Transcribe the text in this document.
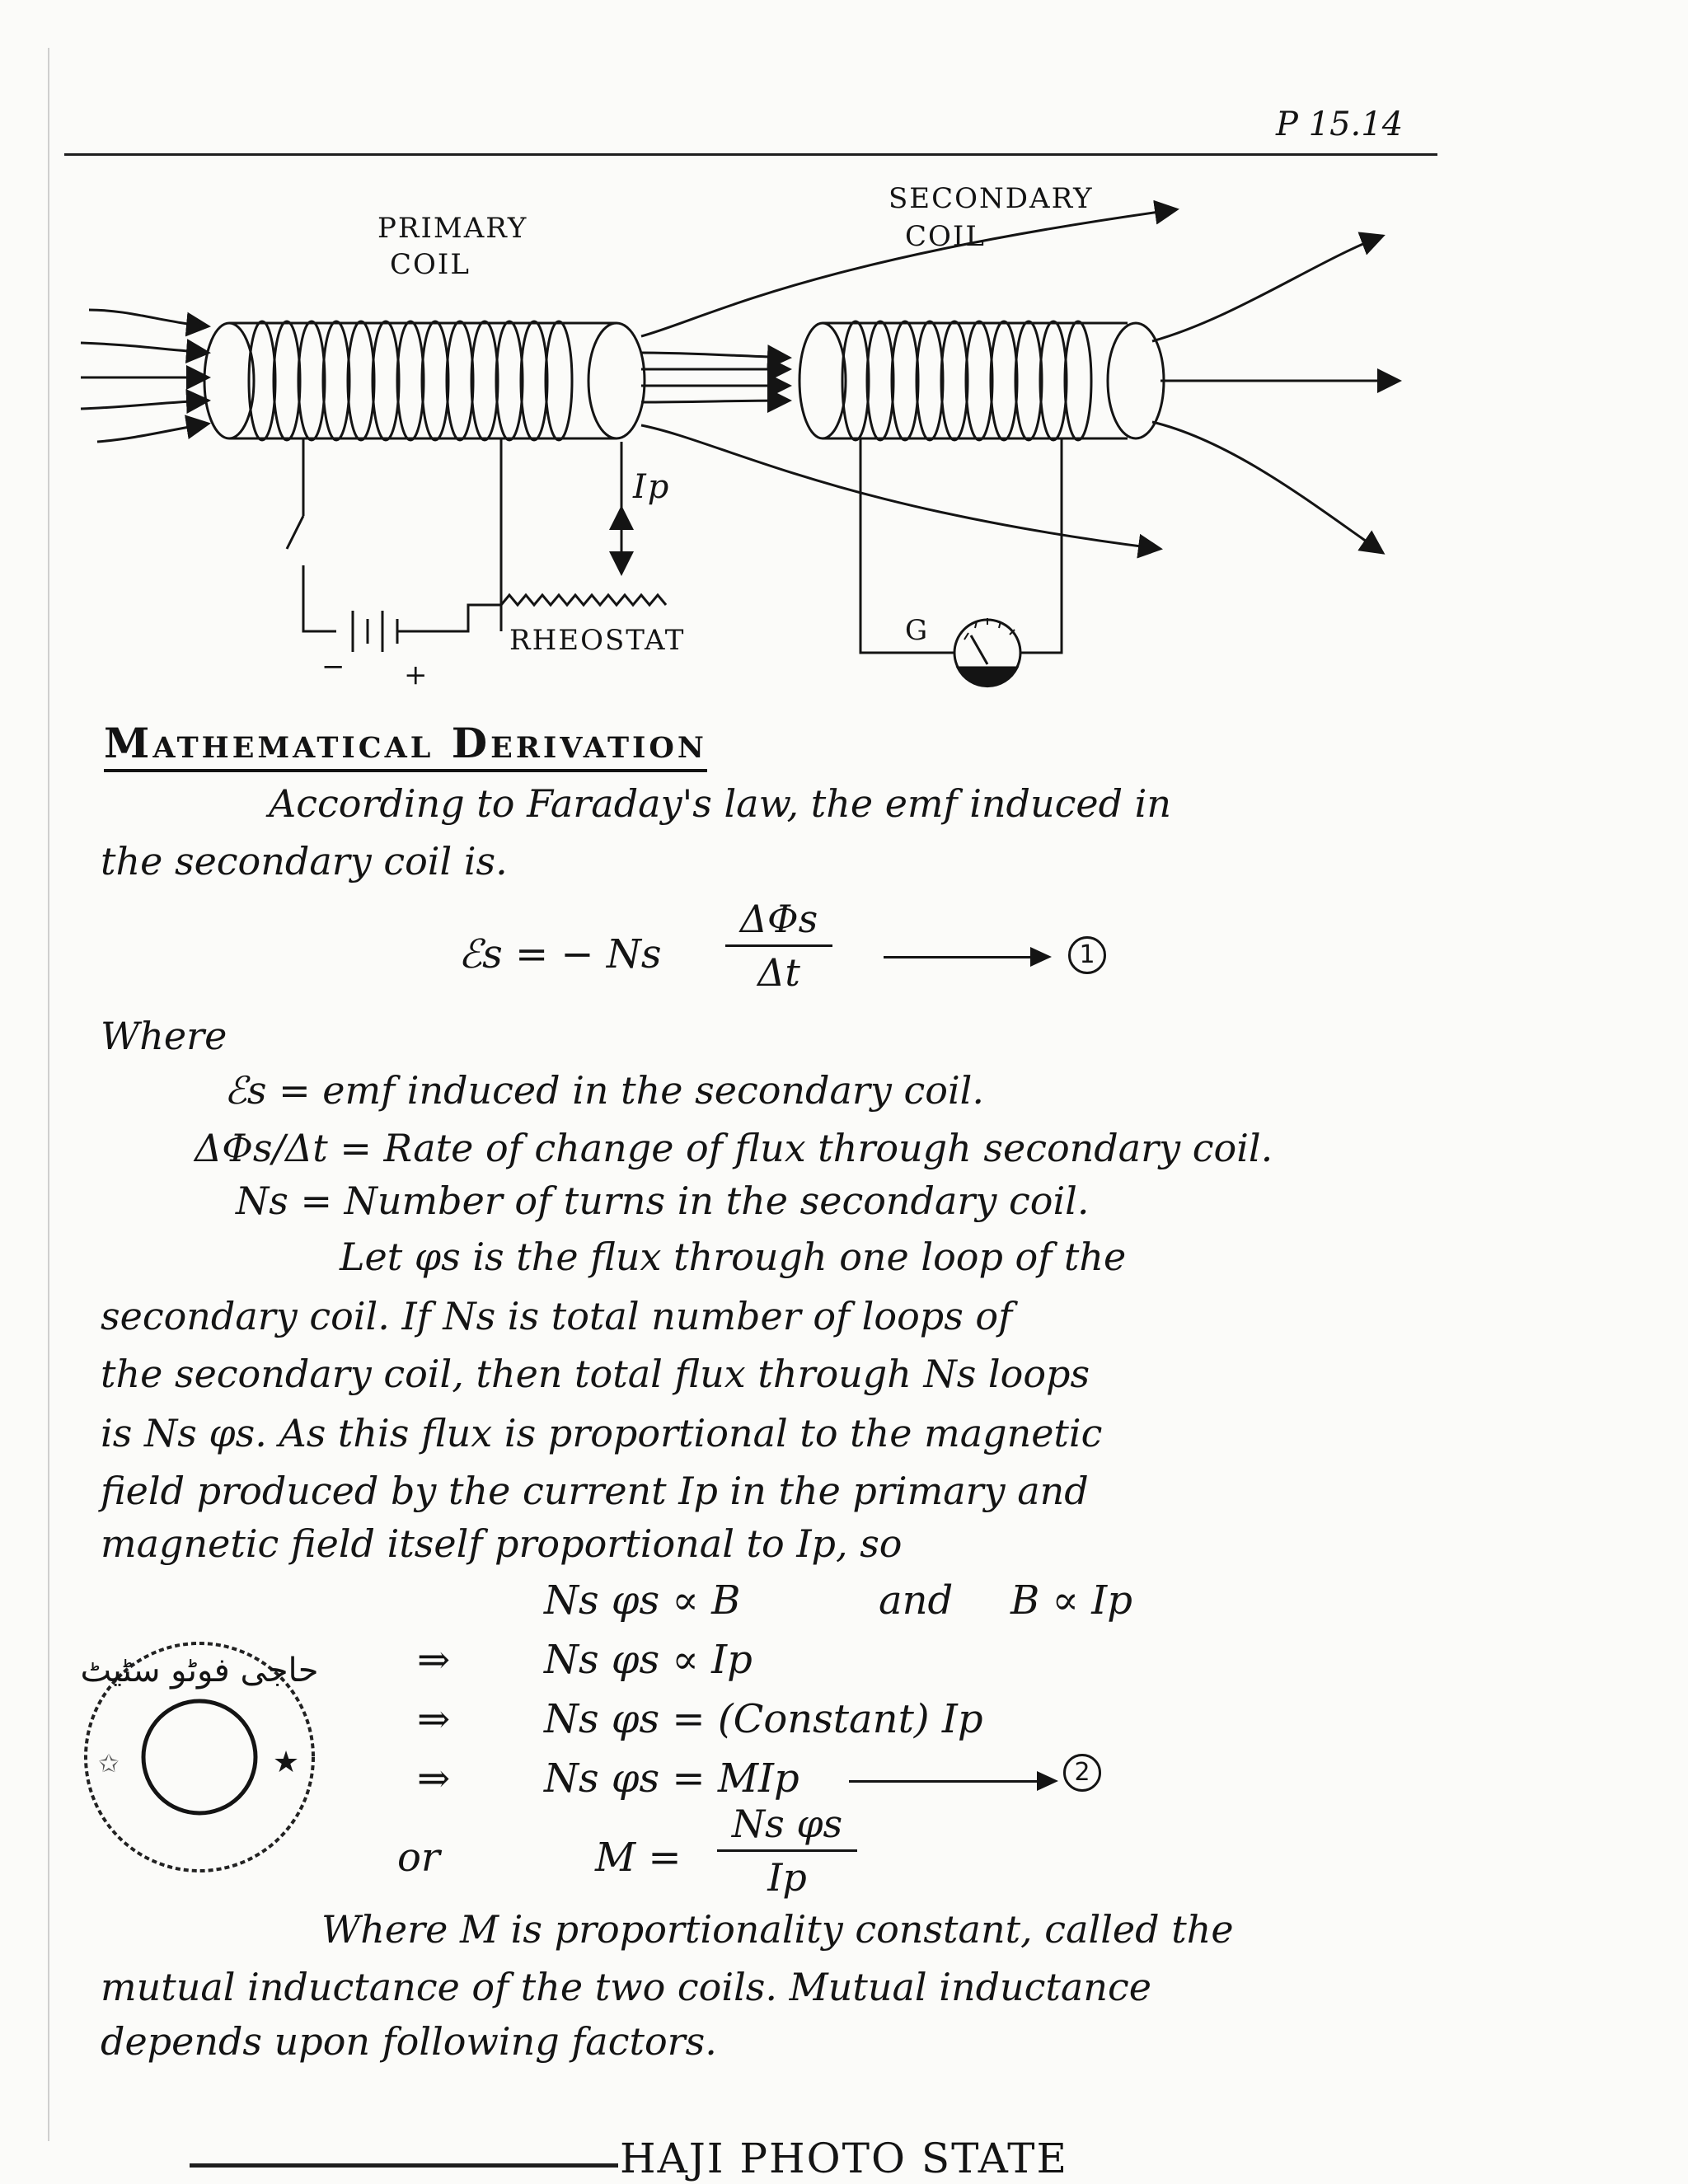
P 15.14
PRIMARY
COIL
SECONDARY
COIL
Ip
RHEOSTAT	G
+
−
Mathematical Derivation
According to Faraday's law, the emf induced in
the secondary coil is.
ℰs = − Ns
ΔΦs
Δt	1
Where
ℰs = emf induced in the secondary coil.
ΔΦs/Δt = Rate of change of flux through secondary coil.
Ns = Number of turns in the secondary coil.
Let φs is the flux through one loop of the
secondary coil. If Ns is total number of loops of
the secondary coil, then total flux through Ns loops
is Ns φs. As this flux is proportional to the magnetic
field produced by the current Ip in the primary and
magnetic field itself proportional to Ip, so
Ns φs ∝ B	and B ∝ Ip
⇒ Ns φs ∝ Ip
⇒ Ns φs = (Constant) Ip
⇒ Ns φs = MIp	2
or	M =
Ns φs
Ip
Where M is proportionality constant, called the
mutual inductance of the two coils. Mutual inductance
depends upon following factors.
حاجی فوٹو سٹیٹ
★
✩
HAJI PHOTO STATE
